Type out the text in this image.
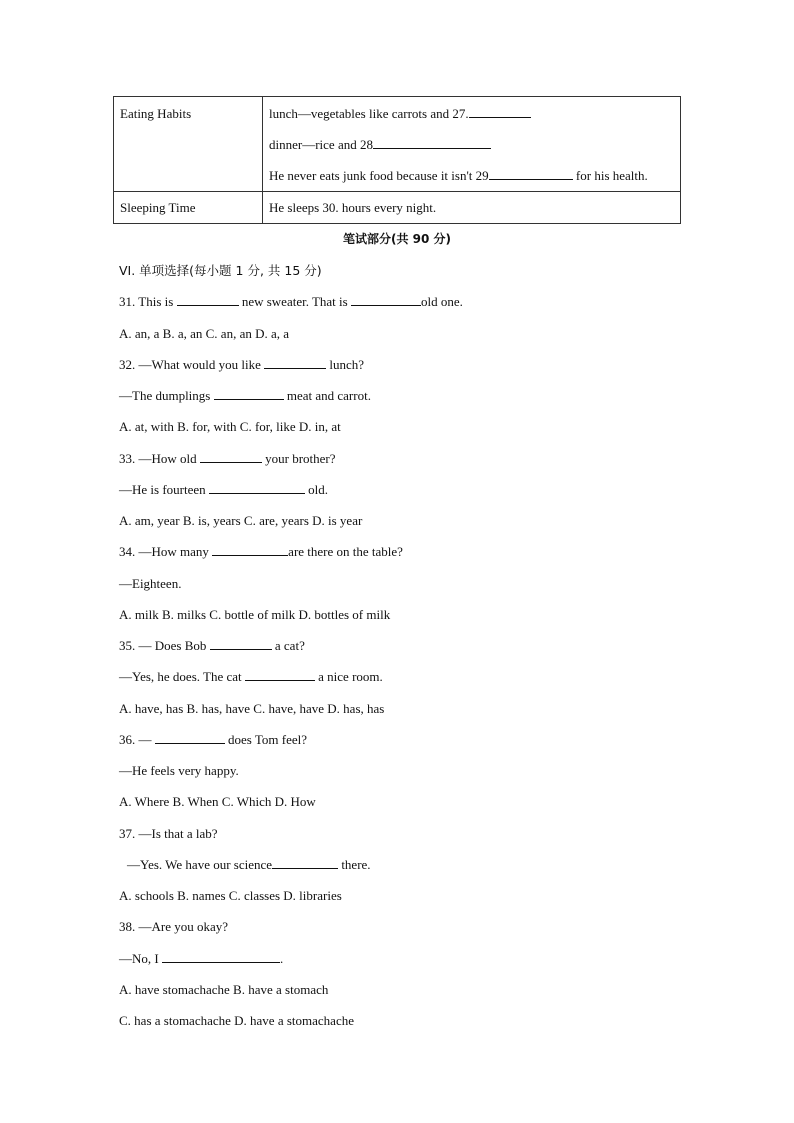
Eating Habits	lunch—vegetables like carrots and 27.
dinner—rice and 28
He never eats junk food because it isn't 29 for his health.

Sleeping Time	He sleeps 30. hours every night.
笔试部分(共 90 分)
VI. 单项选择(每小题 1 分, 共 15 分)
31. This is	new sweater. That is	old one.
A. an, a B. a, an C. an, an D. a, a
32. —What would you like	lunch?
—The dumplings	meat and carrot.
A. at, with B. for, with C. for, like D. in, at
33. —How old	your brother?
—He is fourteen	old.
A. am, year B. is, years C. are, years D. is year
34. —How many	are there on the table?
—Eighteen.
A. milk B. milks C. bottle of milk D. bottles of milk
35. — Does Bob	a cat?
—Yes, he does. The cat	a nice room.
A. have, has B. has, have C. have, have D. has, has
36. —	does Tom feel?
—He feels very happy.
A. Where B. When C. Which D. How
37. —Is that a lab?
—Yes. We have our science	there.
A. schools B. names C. classes D. libraries
38. —Are you okay?
—No, I	.
A. have stomachache B. have a stomach
C. has a stomachache D. have a stomachache
